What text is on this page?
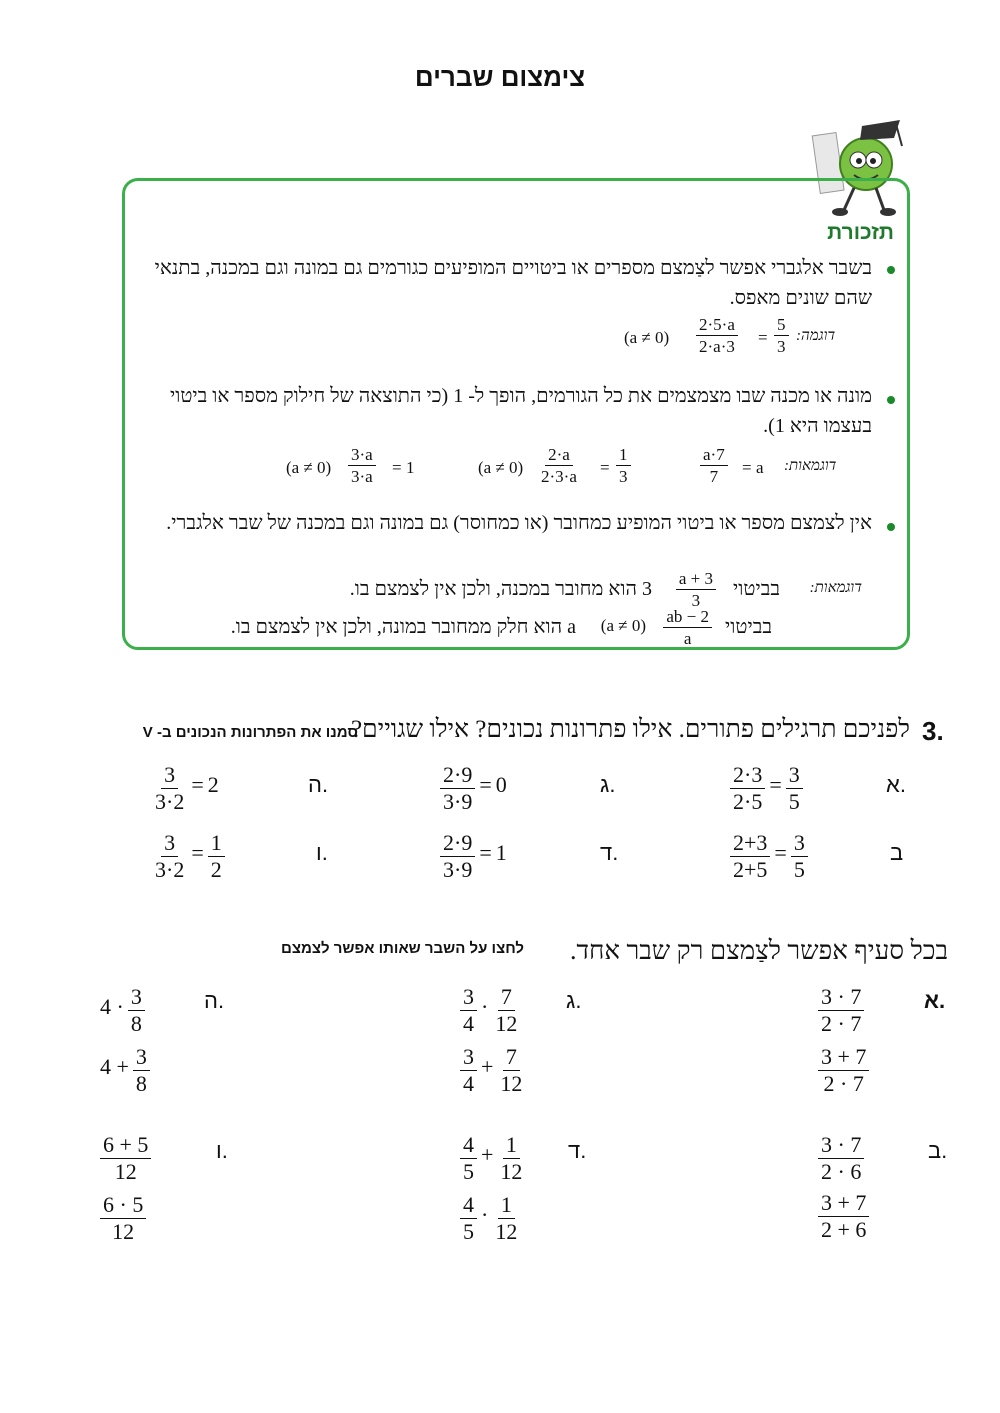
צימצום שברים
תזכורת
בשבר אלגברי אפשר לצַמצם מספרים או ביטויים המופיעים כגורמים גם במונה וגם במכנה, בתנאי שהם שונים מאפס.
$(a \ne 0) \frac{2\cdot 5\cdot a}{2\cdot a\cdot 3} = \frac{5}{3}$ דוגמה:
מונה או מכנה שבו מצמצמים את כל הגורמים, הופך ל- 1 (כי התוצאה של חילוק מספר או ביטוי בעצמו היא 1).
$(a \ne 0) \frac{3\cdot a}{3\cdot a} = 1$	$(a \ne 0) \frac{2\cdot a}{2\cdot 3\cdot a} = \frac{1}{3}$	$\frac{a\cdot 7}{7} = a$ דוגמאות:
אין לצמצם מספר או ביטוי המופיע כמחובר (או כמחוסר) גם במונה וגם במכנה של שבר אלגברי.
דוגמאות:
בביטוי
$\frac{a + 3}{3}$
3 הוא מחובר במכנה, ולכן אין לצמצם בו.
בביטוי
$\frac{ab - 2}{a}$
(a ≠ 0)
a הוא חלק ממחובר במונה, ולכן אין לצמצם בו.
3.
לפניכם תרגילים פתורים. אילו פתרונות נכונים? אילו שגויים?
סמנו את הפתרונות הנכונים ב- V
א.
$\frac{2\cdot 3}{2\cdot 5} = \frac{3}{5}$
ב
$\frac{2+3}{2+5} = \frac{3}{5}$
ג.
$\frac{2\cdot 9}{3\cdot 9} = 0$
ד.
$\frac{2\cdot 9}{3\cdot 9} = 1$
ה.
$\frac{3}{3\cdot 2} = 2$
ו.
$\frac{3}{3\cdot 2} = \frac{1}{2}$
בכל סעיף אפשר לצַמצם רק שבר אחד.
לחצו על השבר שאותו אפשר לצמצם
א.
$\frac{3 \cdot 7}{2 \cdot 7}$
$\frac{3 + 7}{2 \cdot 7}$
ב.
$\frac{3 \cdot 7}{2 \cdot 6}$
$\frac{3 + 7}{2 + 6}$
ג.
$\frac{3}{4} \cdot \frac{7}{12}$
$\frac{3}{4} + \frac{7}{12}$
ד.
$\frac{4}{5} + \frac{1}{12}$
$\frac{4}{5} \cdot \frac{1}{12}$
ה.
$4 \cdot \frac{3}{8}$
$4 + \frac{3}{8}$
ו.
$\frac{6 + 5}{12}$
$\frac{6 \cdot 5}{12}$
